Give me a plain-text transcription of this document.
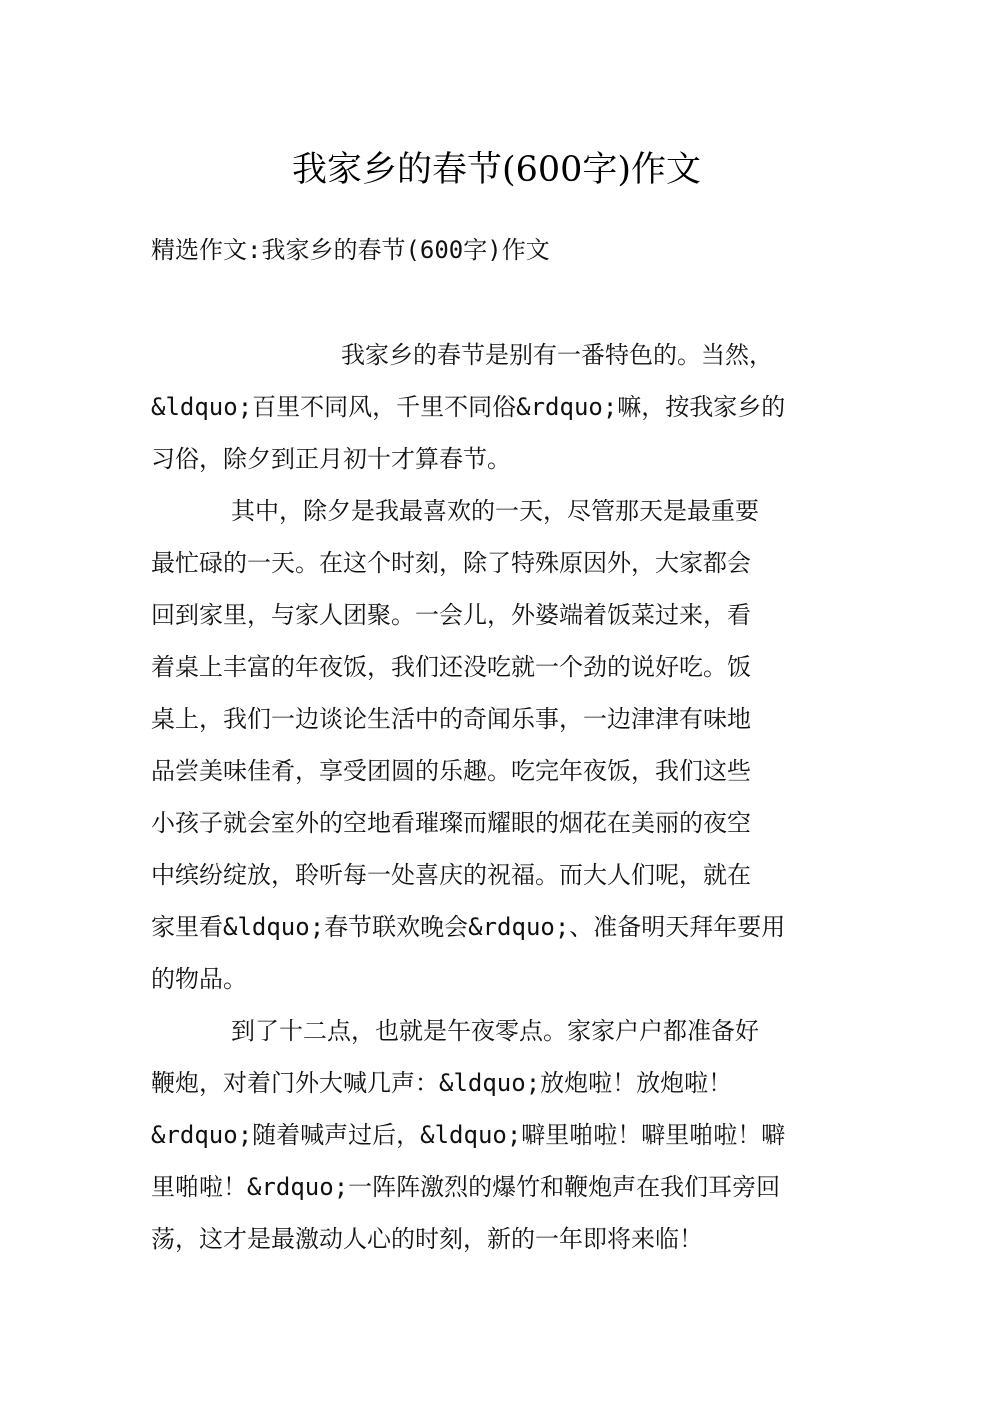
我家乡的春节(600字)作文
精选作文:我家乡的春节(600字)作文
我家乡的春节是别有一番特色的。当然，
&ldquo;百里不同风，千里不同俗&rdquo;嘛，按我家乡的
习俗，除夕到正月初十才算春节。
其中，除夕是我最喜欢的一天，尽管那天是最重要
最忙碌的一天。在这个时刻，除了特殊原因外，大家都会
回到家里，与家人团聚。一会儿，外婆端着饭菜过来，看
着桌上丰富的年夜饭，我们还没吃就一个劲的说好吃。饭
桌上，我们一边谈论生活中的奇闻乐事，一边津津有味地
品尝美味佳肴，享受团圆的乐趣。吃完年夜饭，我们这些
小孩子就会室外的空地看璀璨而耀眼的烟花在美丽的夜空
中缤纷绽放，聆听每一处喜庆的祝福。而大人们呢，就在
家里看&ldquo;春节联欢晚会&rdquo;、准备明天拜年要用
的物品。
到了十二点，也就是午夜零点。家家户户都准备好
鞭炮，对着门外大喊几声：&ldquo;放炮啦！放炮啦！
&rdquo;随着喊声过后，&ldquo;噼里啪啦！噼里啪啦！噼
里啪啦！&rdquo;一阵阵激烈的爆竹和鞭炮声在我们耳旁回
荡，这才是最激动人心的时刻，新的一年即将来临！
